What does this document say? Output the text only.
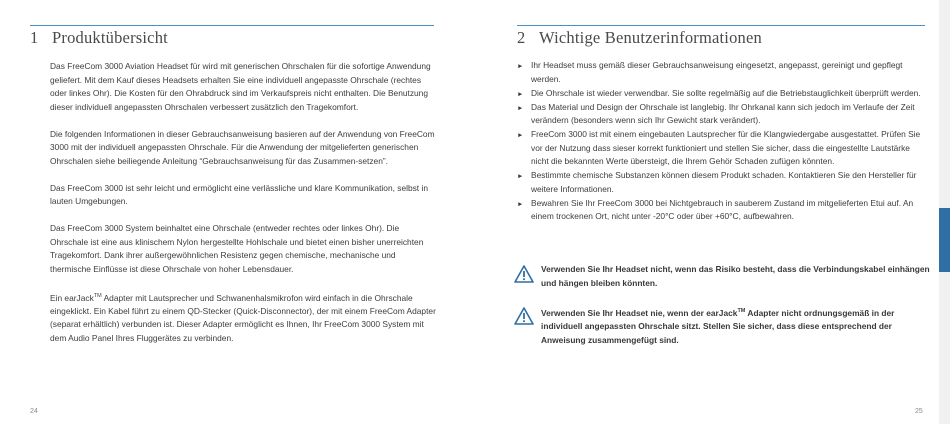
1 Produktübersicht

Das FreeCom 3000 Aviation Headset für wird mit generischen Ohrschalen für die sofortige Anwendung geliefert. Mit dem Kauf dieses Headsets erhalten Sie eine individuell angepasste Ohrschale (rechtes oder linkes Ohr). Die Kosten für den Ohrabdruck sind im Verkaufspreis nicht enthalten. Die Benutzung dieser individuell angepassten Ohrschalen verbessert zusätzlich den Tragekomfort.

Die folgenden Informationen in dieser Gebrauchsanweisung basieren auf der Anwendung von FreeCom 3000 mit der individuell angepassten Ohrschale. Für die Anwendung der mitgelieferten generischen Ohrschalen siehe beiliegende Anleitung “Gebrauchsanweisung für das Zusammen-setzen”.

Das FreeCom 3000 ist sehr leicht und ermöglicht eine verlässliche und klare Kommunikation, selbst in lauten Umgebungen.

Das FreeCom 3000 System beinhaltet eine Ohrschale (entweder rechtes oder linkes Ohr). Die Ohrschale ist eine aus klinischem Nylon hergestellte Hohlschale und bietet einen bisher unerreichten Tragekomfort. Dank ihrer außergewöhnlichen Resistenz gegen chemische, mechanische und thermische Einflüsse ist diese Ohrschale von hoher Lebensdauer.

Ein earJack™ Adapter mit Lautsprecher und Schwanenhalsmikrofon wird einfach in die Ohrschale eingeklickt. Ein Kabel führt zu einem QD-Stecker (Quick-Disconnector), der mit einem FreeCom Adapter (separat erhältlich) verbunden ist. Dieser Adapter ermöglicht es Ihnen, Ihr FreeCom 3000 System mit dem Audio Panel Ihres Fluggerätes zu verbinden.

24
2 Wichtige Benutzerinformationen
► Ihr Headset muss gemäß dieser Gebrauchsanweisung eingesetzt, angepasst, gereinigt und gepflegt werden.
► Die Ohrschale ist wieder verwendbar. Sie sollte regelmäßig auf die Betriebstauglichkeit überprüft werden.
► Das Material und Design der Ohrschale ist langlebig. Ihr Ohrkanal kann sich jedoch im Verlaufe der Zeit verändern (besonders wenn sich Ihr Gewicht stark verändert).
► FreeCom 3000 ist mit einem eingebauten Lautsprecher für die Klangwiedergabe ausgestattet. Prüfen Sie vor der Nutzung dass sieser korrekt funktioniert und stellen Sie sicher, dass die eingestellte Lautstärke nicht die bekannten Werte übersteigt, die Ihrem Gehör Schaden zufügen könnten.
► Bestimmte chemische Substanzen können diesem Produkt schaden. Kontaktieren Sie den Hersteller für weitere Informationen.
► Bewahren Sie Ihr FreeCom 3000 bei Nichtgebrauch in sauberem Zustand im mitgelieferten Etui auf. An einem trockenen Ort, nicht unter -20°C oder über +60°C, aufbewahren.
Verwenden Sie Ihr Headset nicht, wenn das Risiko besteht, dass die Verbindungskabel einhängen und hängen bleiben könnten.
Verwenden Sie Ihr Headset nie, wenn der earJack™ Adapter nicht ordnungsgemäß in der individuell angepassten Ohrschale sitzt. Stellen Sie sicher, dass diese entsprechend der Anweisung zusammengefügt sind.
25
